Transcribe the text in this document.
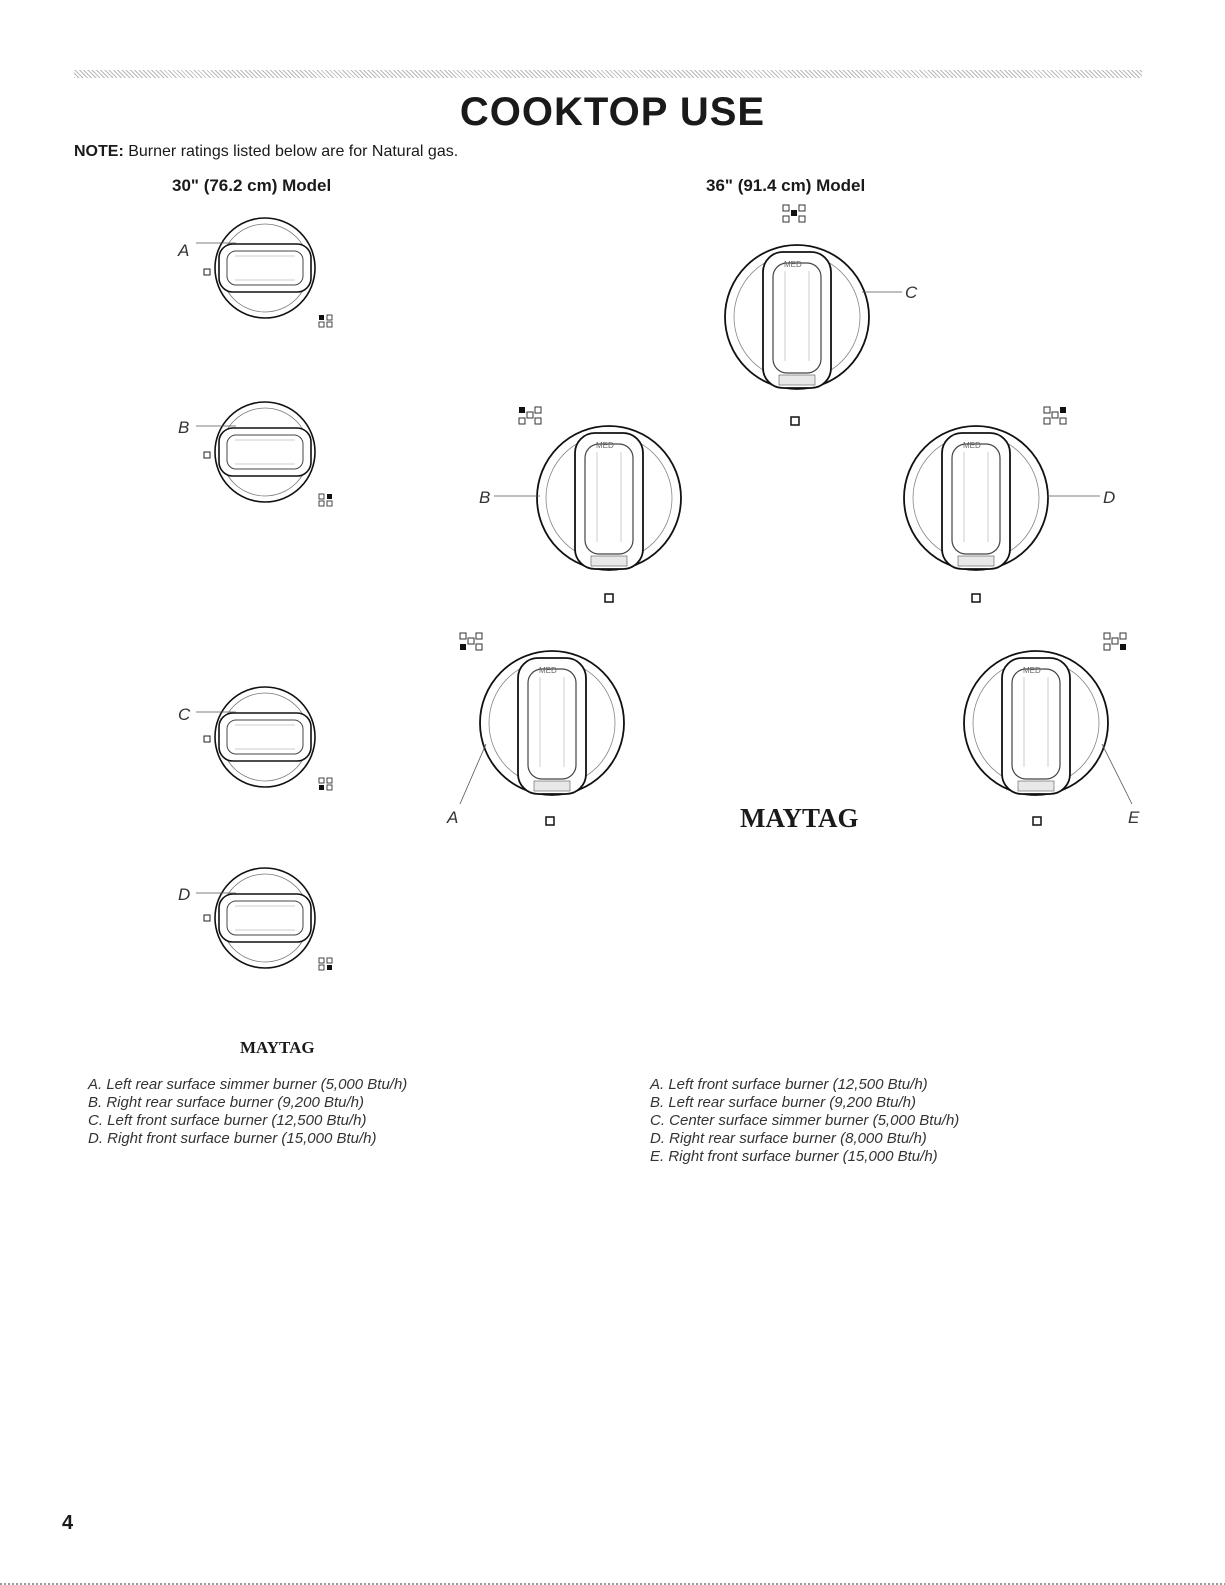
COOKTOP USE
NOTE: Burner ratings listed below are for Natural gas.
30" (76.2 cm) Model	36" (91.4 cm) Model
MED
MED	MED
MED	MED
A
B
C
D
C
B	D
A	E
MAYTAG
MAYTAG
A. Left rear surface simmer burner (5,000 Btu/h)
B. Right rear surface burner (9,200 Btu/h)
C. Left front surface burner (12,500 Btu/h)
D. Right front surface burner (15,000 Btu/h)
A. Left front surface burner (12,500 Btu/h)
B. Left rear surface burner (9,200 Btu/h)
C. Center surface simmer burner (5,000 Btu/h)
D. Right rear surface burner (8,000 Btu/h)
E. Right front surface burner (15,000 Btu/h)
4
